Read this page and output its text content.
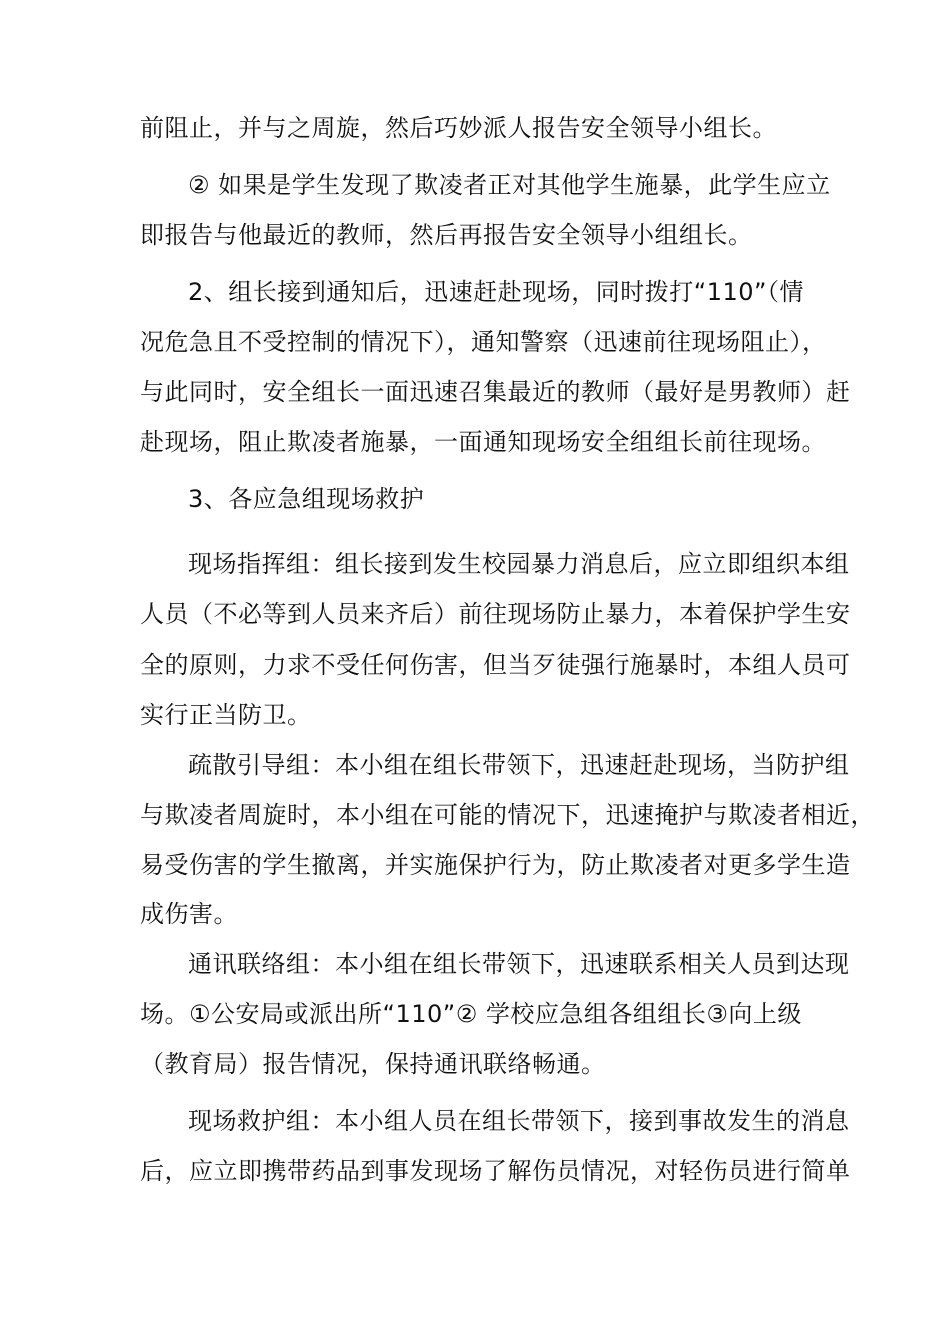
前阻止，并与之周旋，然后巧妙派人报告安全领导小组长。
② 如果是学生发现了欺凌者正对其他学生施暴，此学生应立
即报告与他最近的教师，然后再报告安全领导小组组长。
2、组长接到通知后，迅速赶赴现场，同时拨打“110”（情
况危急且不受控制的情况下），通知警察（迅速前往现场阻止），
与此同时，安全组长一面迅速召集最近的教师（最好是男教师）赶
赴现场，阻止欺凌者施暴，一面通知现场安全组组长前往现场。
3、各应急组现场救护
现场指挥组：组长接到发生校园暴力消息后，应立即组织本组
人员（不必等到人员来齐后）前往现场防止暴力，本着保护学生安
全的原则，力求不受任何伤害，但当歹徒强行施暴时，本组人员可
实行正当防卫。
疏散引导组：本小组在组长带领下，迅速赶赴现场，当防护组
与欺凌者周旋时，本小组在可能的情况下，迅速掩护与欺凌者相近，
易受伤害的学生撤离，并实施保护行为，防止欺凌者对更多学生造
成伤害。
通讯联络组：本小组在组长带领下，迅速联系相关人员到达现
场。①公安局或派出所“110”② 学校应急组各组组长③向上级
（教育局）报告情况，保持通讯联络畅通。
现场救护组：本小组人员在组长带领下，接到事故发生的消息
后，应立即携带药品到事发现场了解伤员情况，对轻伤员进行简单
